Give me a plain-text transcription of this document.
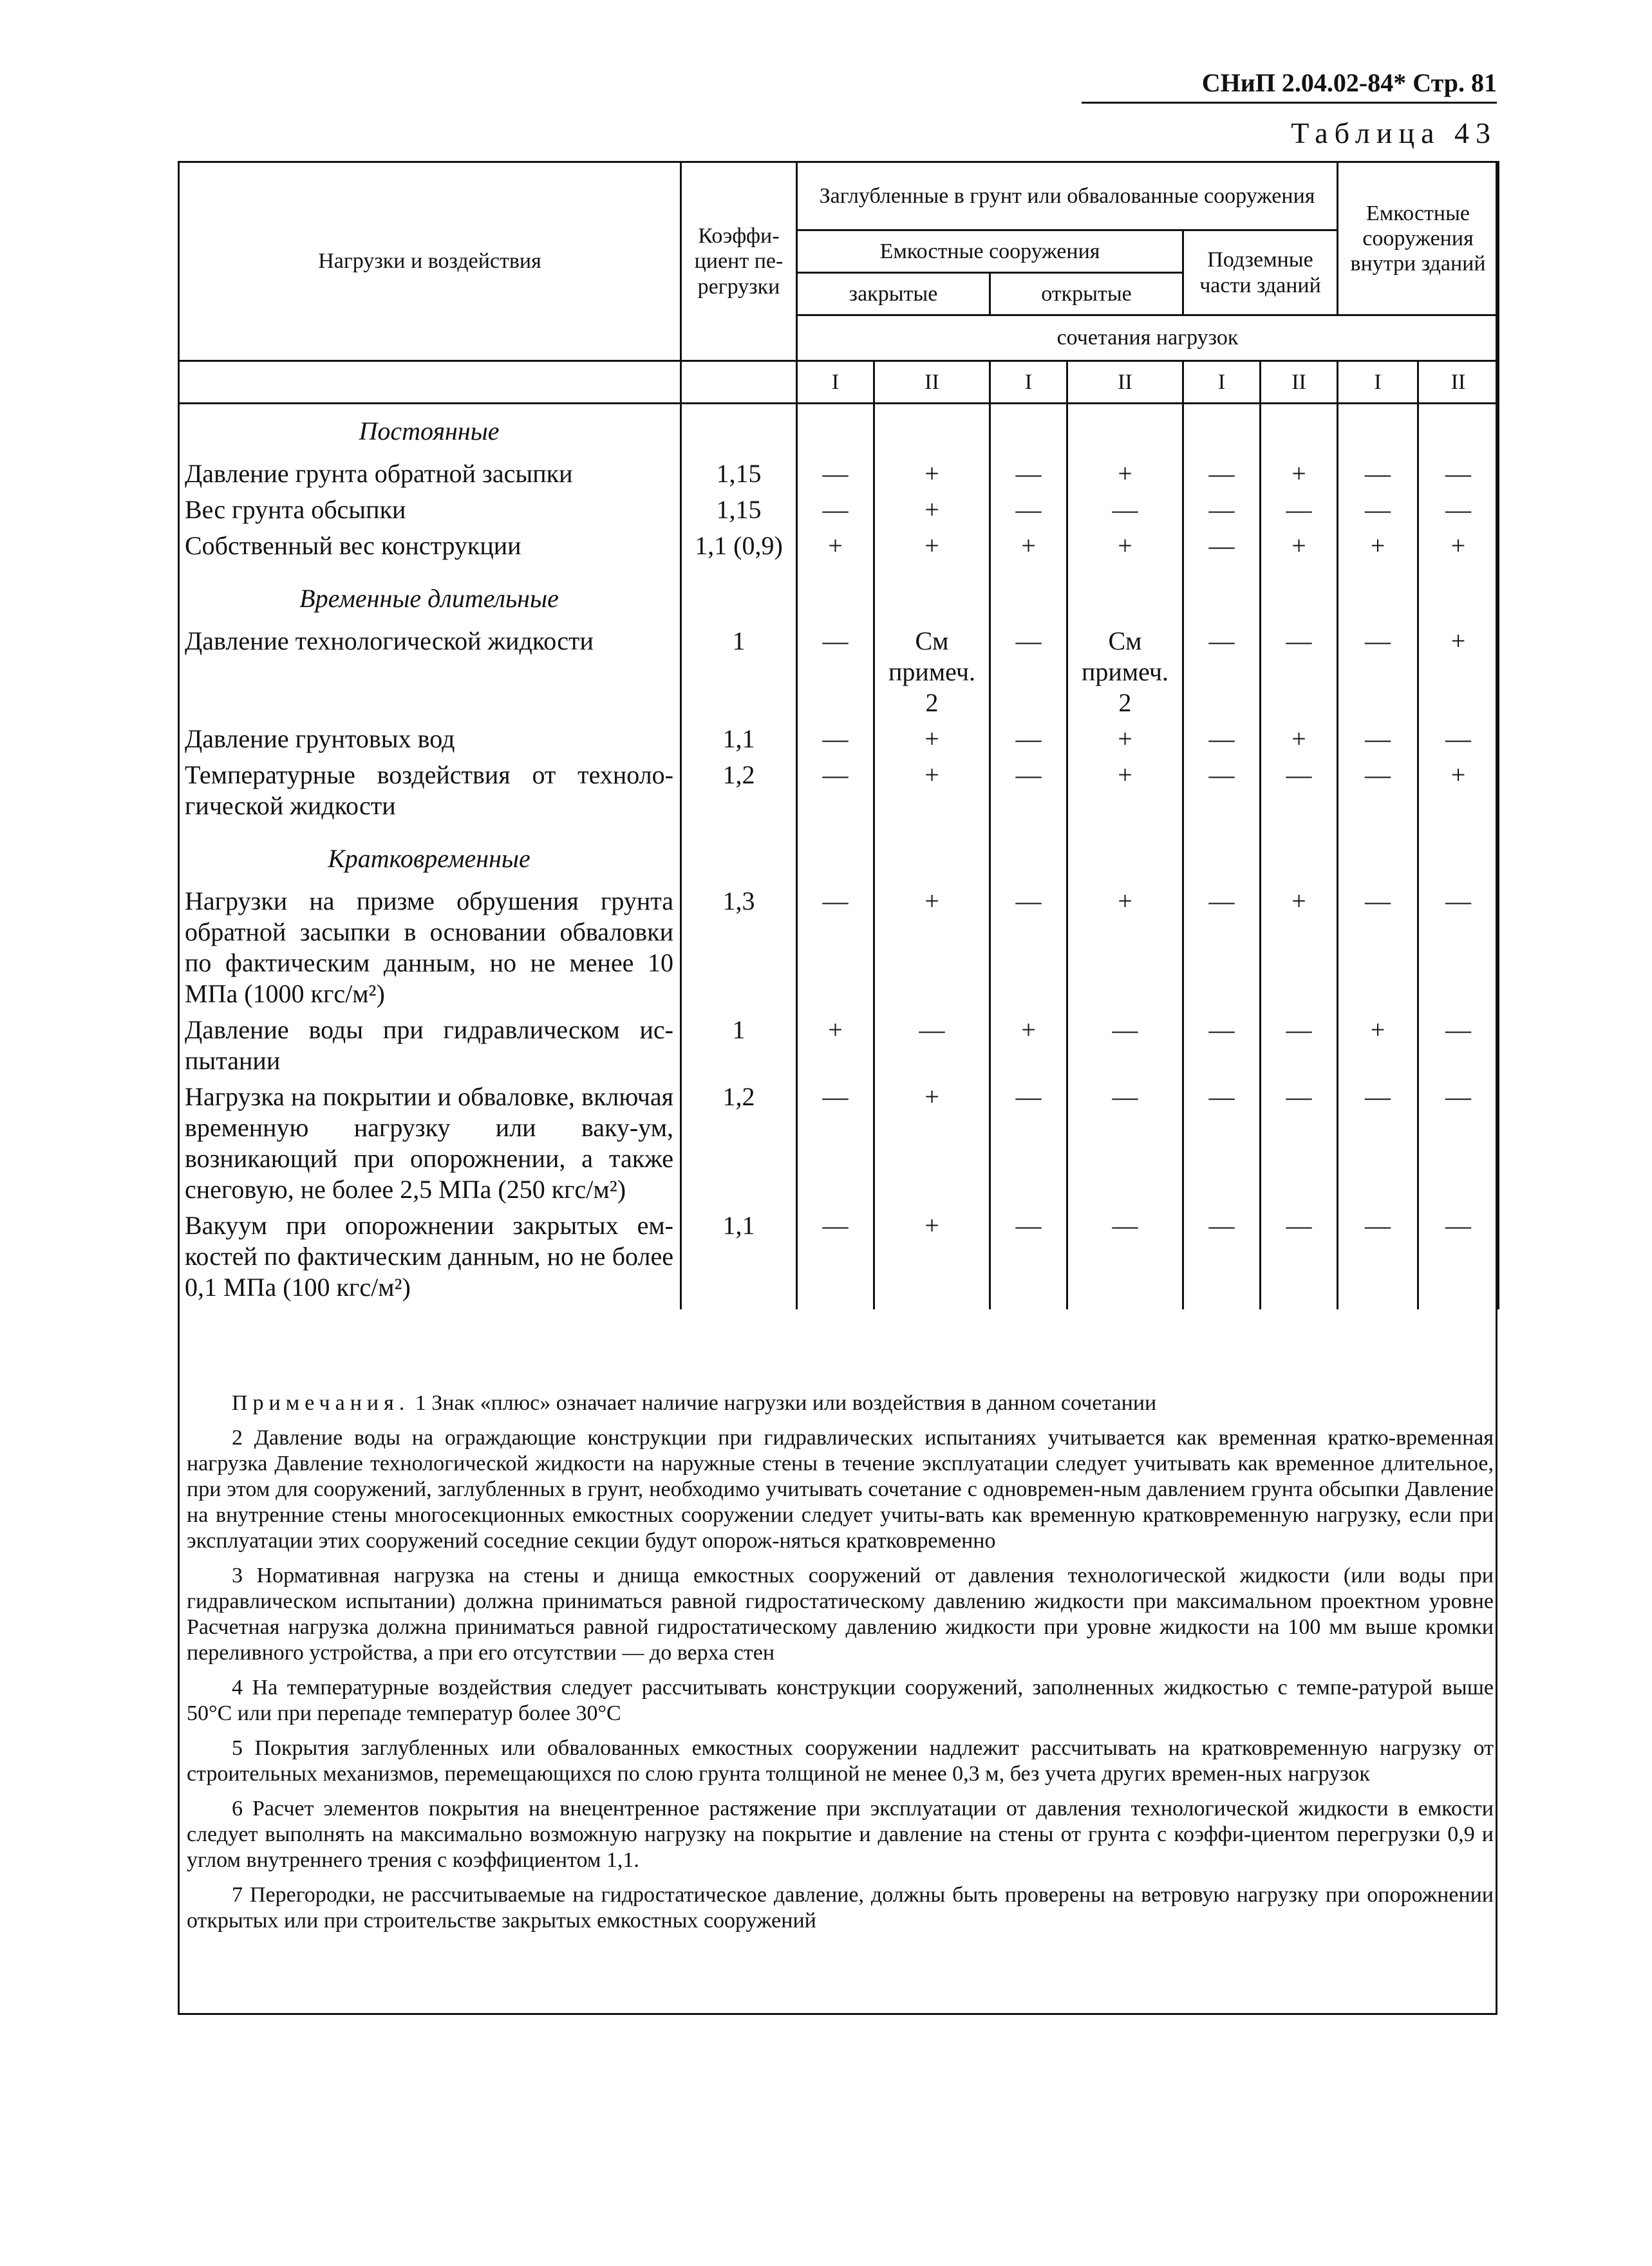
СНиП 2.04.02-84* Стр. 81
Таблица 43
Нагрузки и воздействия	Коэффи-циент пе-регрузки	Заглубленные в грунт или обвалованные сооружения						Емкостные сооружения внутри зданий	
		Емкостные сооружения				Подземные части зданий			
		закрытые		открытые					
		сочетания нагрузок							
		I	II	I	II	I	II	I	II
Постоянные									
Давление грунта обратной засыпки	1,15	—	+	—	+	—	+	—	—
Вес грунта обсыпки	1,15	—	+	—	—	—	—	—	—
Собственный вес конструкции	1,1 (0,9)	+	+	+	+	—	+	+	+
Временные длительные									
Давление технологической жидкости	1	—	См примеч. 2	—	См примеч. 2	—	—	—	+
Давление грунтовых вод	1,1	—	+	—	+	—	+	—	—
Температурные воздействия от техноло-гической жидкости	1,2	—	+	—	+	—	—	—	+
Кратковременные									
Нагрузки на призме обрушения грунта обратной засыпки в основании обваловки по фактическим данным, но не менее 10 МПа (1000 кгс/м²)	1,3	—	+	—	+	—	+	—	—
Давление воды при гидравлическом ис-пытании	1	+	—	+	—	—	—	+	—
Нагрузка на покрытии и обваловке, включая временную нагрузку или ваку-ум, возникающий при опорожнении, а также снеговую, не более 2,5 МПа (250 кгс/м²)	1,2	—	+	—	—	—	—	—	—
Вакуум при опорожнении закрытых ем-костей по фактическим данным, но не более 0,1 МПа (100 кгс/м²)	1,1	—	+	—	—	—	—	—	—

Примечания. 1 Знак «плюс» означает наличие нагрузки или воздействия в данном сочетании

2 Давление воды на ограждающие конструкции при гидравлических испытаниях учитывается как временная кратко-временная нагрузка Давление технологической жидкости на наружные стены в течение эксплуатации следует учитывать как временное длительное, при этом для сооружений, заглубленных в грунт, необходимо учитывать сочетание с одновремен-ным давлением грунта обсыпки Давление на внутренние стены многосекционных емкостных сооружении следует учиты-вать как временную кратковременную нагрузку, если при эксплуатации этих сооружений соседние секции будут опорож-няться кратковременно

3 Нормативная нагрузка на стены и днища емкостных сооружений от давления технологической жидкости (или воды при гидравлическом испытании) должна приниматься равной гидростатическому давлению жидкости при максимальном проектном уровне Расчетная нагрузка должна приниматься равной гидростатическому давлению жидкости при уровне жидкости на 100 мм выше кромки переливного устройства, а при его отсутствии — до верха стен

4 На температурные воздействия следует рассчитывать конструкции сооружений, заполненных жидкостью с темпе-ратурой выше 50°С или при перепаде температур более 30°С

5 Покрытия заглубленных или обвалованных емкостных сооружении надлежит рассчитывать на кратковременную нагрузку от строительных механизмов, перемещающихся по слою грунта толщиной не менее 0,3 м, без учета других времен-ных нагрузок

6 Расчет элементов покрытия на внецентренное растяжение при эксплуатации от давления технологической жидкости в емкости следует выполнять на максимально возможную нагрузку на покрытие и давление на стены от грунта с коэффи-циентом перегрузки 0,9 и углом внутреннего трения с коэффициентом 1,1.

7 Перегородки, не рассчитываемые на гидростатическое давление, должны быть проверены на ветровую нагрузку при опорожнении открытых или при строительстве закрытых емкостных сооружений
